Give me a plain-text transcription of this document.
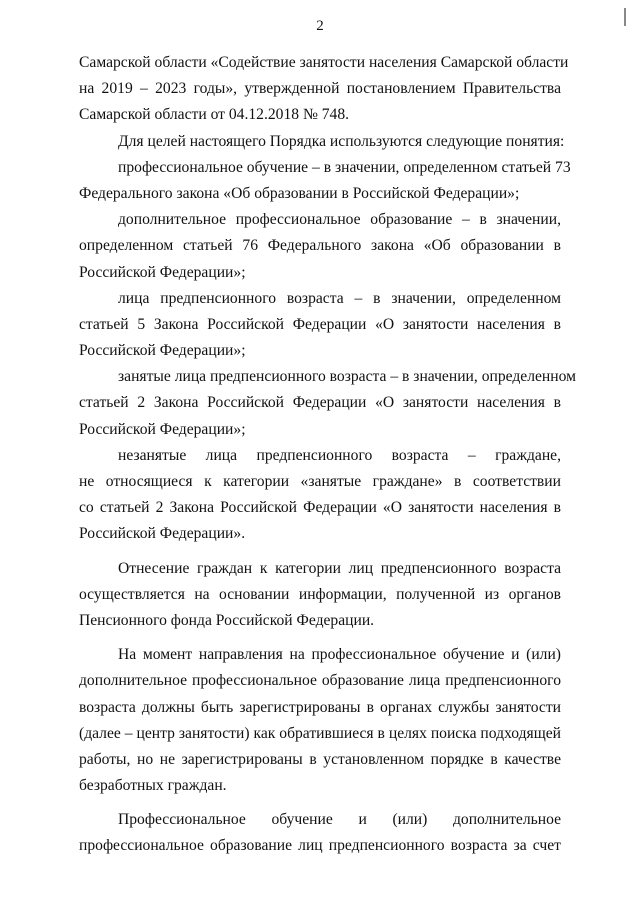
2
Самарской области «Содействие занятости населения Самарской области
на 2019 – 2023 годы», утвержденной постановлением Правительства
Самарской области от 04.12.2018 № 748.
Для целей настоящего Порядка используются следующие понятия:
профессиональное обучение – в значении, определенном статьей 73
Федерального закона «Об образовании в Российской Федерации»;
дополнительное профессиональное образование – в значении,
определенном статьей 76 Федерального закона «Об образовании в
Российской Федерации»;
лица предпенсионного возраста – в значении, определенном
статьей 5 Закона Российской Федерации «О занятости населения в
Российской Федерации»;
занятые лица предпенсионного возраста – в значении, определенном
статьей 2 Закона Российской Федерации «О занятости населения в
Российской Федерации»;
незанятые лица предпенсионного возраста – граждане,
не относящиеся к категории «занятые граждане» в соответствии
со статьей 2 Закона Российской Федерации «О занятости населения в
Российской Федерации».
Отнесение граждан к категории лиц предпенсионного возраста
осуществляется на основании информации, полученной из органов
Пенсионного фонда Российской Федерации.
На момент направления на профессиональное обучение и (или)
дополнительное профессиональное образование лица предпенсионного
возраста должны быть зарегистрированы в органах службы занятости
(далее – центр занятости) как обратившиеся в целях поиска подходящей
работы, но не зарегистрированы в установленном порядке в качестве
безработных граждан.
Профессиональное обучение и (или) дополнительное
профессиональное образование лиц предпенсионного возраста за счет
